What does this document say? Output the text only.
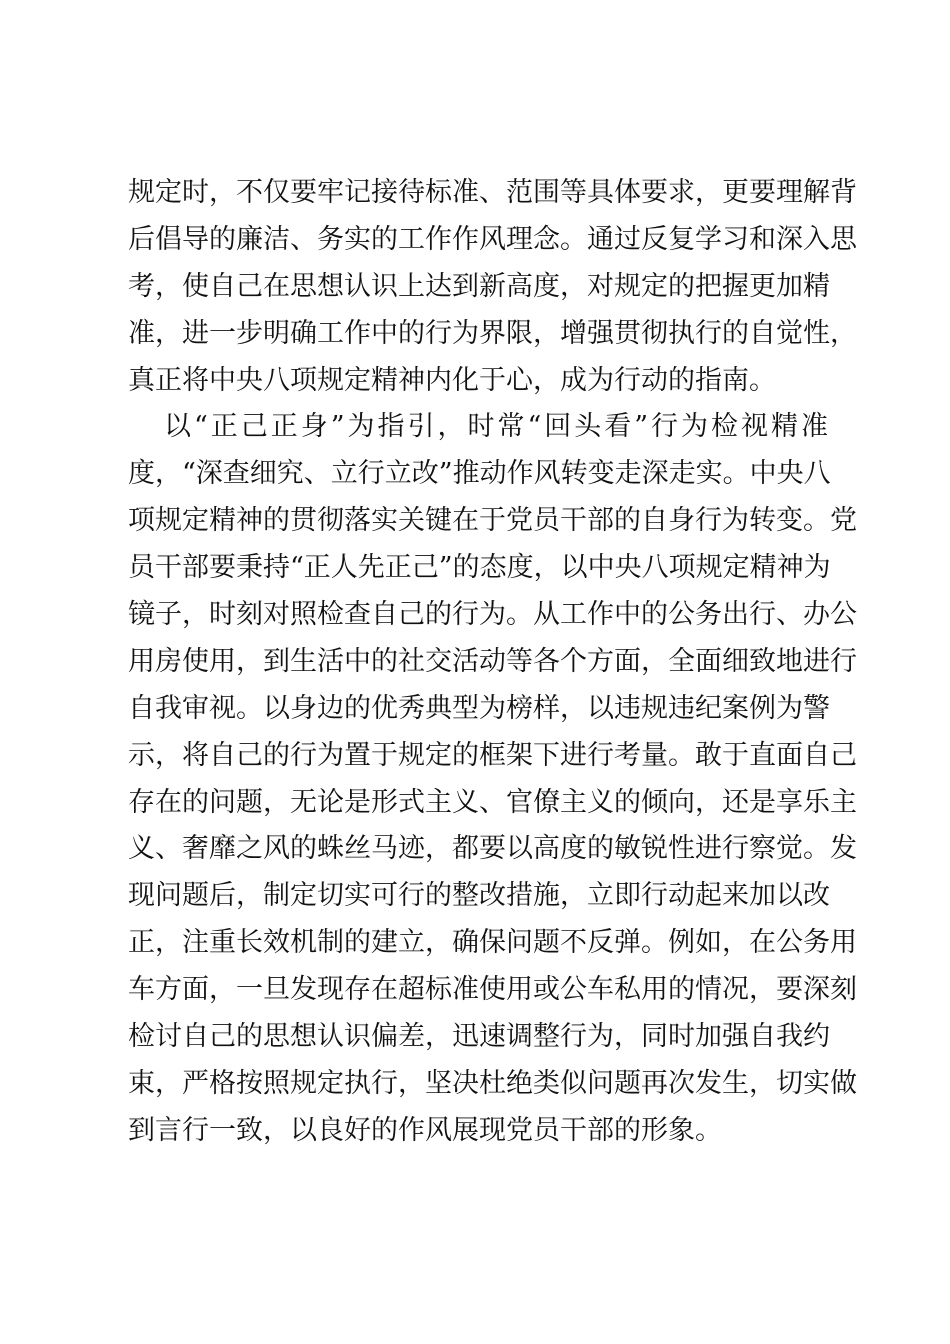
规定时，不仅要牢记接待标准、范围等具体要求，更要理解背
后倡导的廉洁、务实的工作作风理念。通过反复学习和深入思
考，使自己在思想认识上达到新高度，对规定的把握更加精
准，进一步明确工作中的行为界限，增强贯彻执行的自觉性，
真正将中央八项规定精神内化于心，成为行动的指南。
以“正己正身”为指引，时常“回头看”行为检视精准
度，“深查细究、立行立改”推动作风转变走深走实。中央八
项规定精神的贯彻落实关键在于党员干部的自身行为转变。党
员干部要秉持“正人先正己”的态度，以中央八项规定精神为
镜子，时刻对照检查自己的行为。从工作中的公务出行、办公
用房使用，到生活中的社交活动等各个方面，全面细致地进行
自我审视。以身边的优秀典型为榜样，以违规违纪案例为警
示，将自己的行为置于规定的框架下进行考量。敢于直面自己
存在的问题，无论是形式主义、官僚主义的倾向，还是享乐主
义、奢靡之风的蛛丝马迹，都要以高度的敏锐性进行察觉。发
现问题后，制定切实可行的整改措施，立即行动起来加以改
正，注重长效机制的建立，确保问题不反弹。例如，在公务用
车方面，一旦发现存在超标准使用或公车私用的情况，要深刻
检讨自己的思想认识偏差，迅速调整行为，同时加强自我约
束，严格按照规定执行，坚决杜绝类似问题再次发生，切实做
到言行一致，以良好的作风展现党员干部的形象。
